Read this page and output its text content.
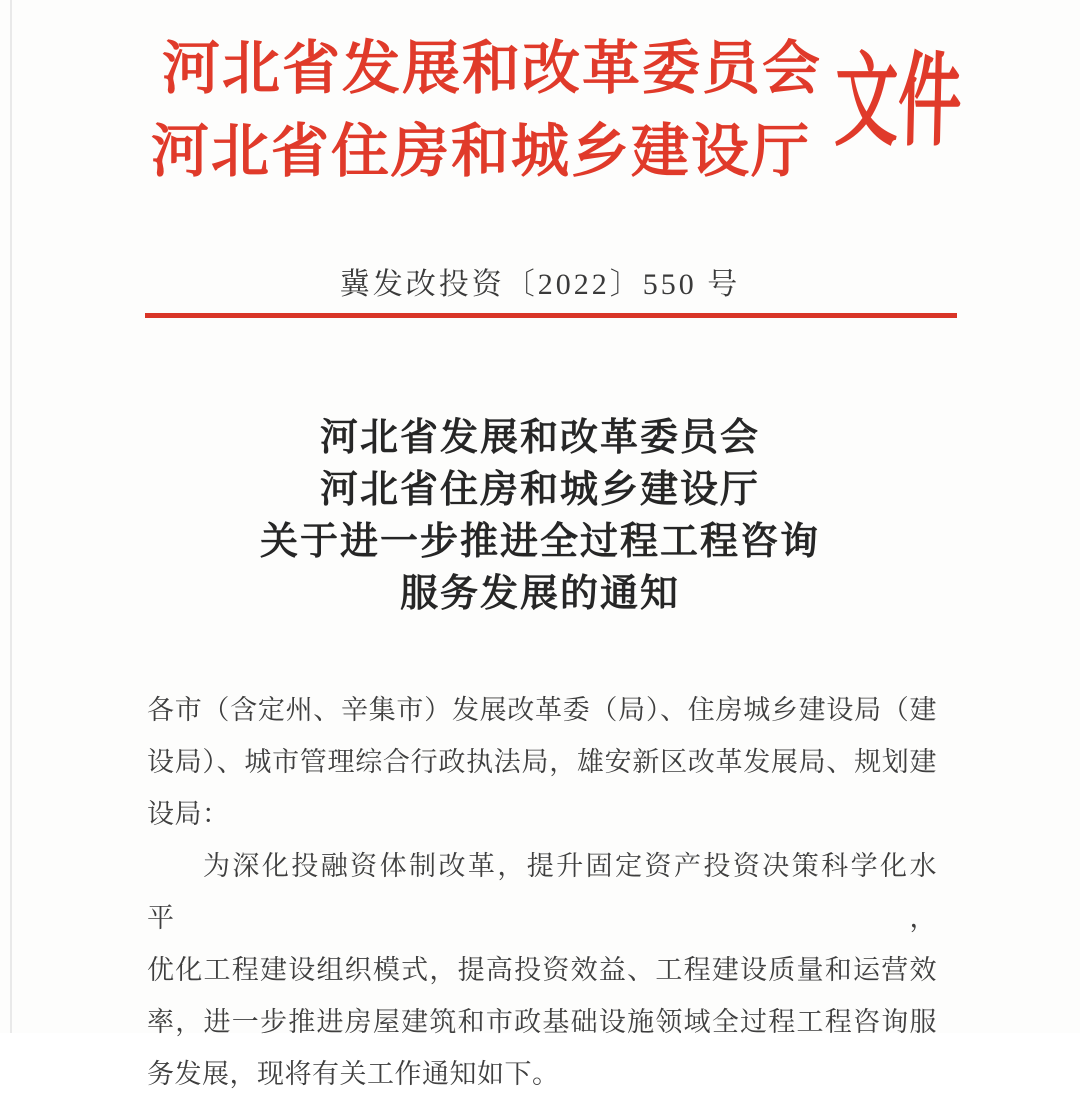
河北省发展和改革委员会
河北省住房和城乡建设厅 文件
冀发改投资〔2022〕550 号
河北省发展和改革委员会
河北省住房和城乡建设厅
关于进一步推进全过程工程咨询
服务发展的通知
各市（含定州、辛集市）发展改革委（局）、住房城乡建设局（建
设局）、城市管理综合行政执法局，雄安新区改革发展局、规划建
设局：
为深化投融资体制改革，提升固定资产投资决策科学化水平，
优化工程建设组织模式，提高投资效益、工程建设质量和运营效
率，进一步推进房屋建筑和市政基础设施领域全过程工程咨询服
务发展，现将有关工作通知如下。
